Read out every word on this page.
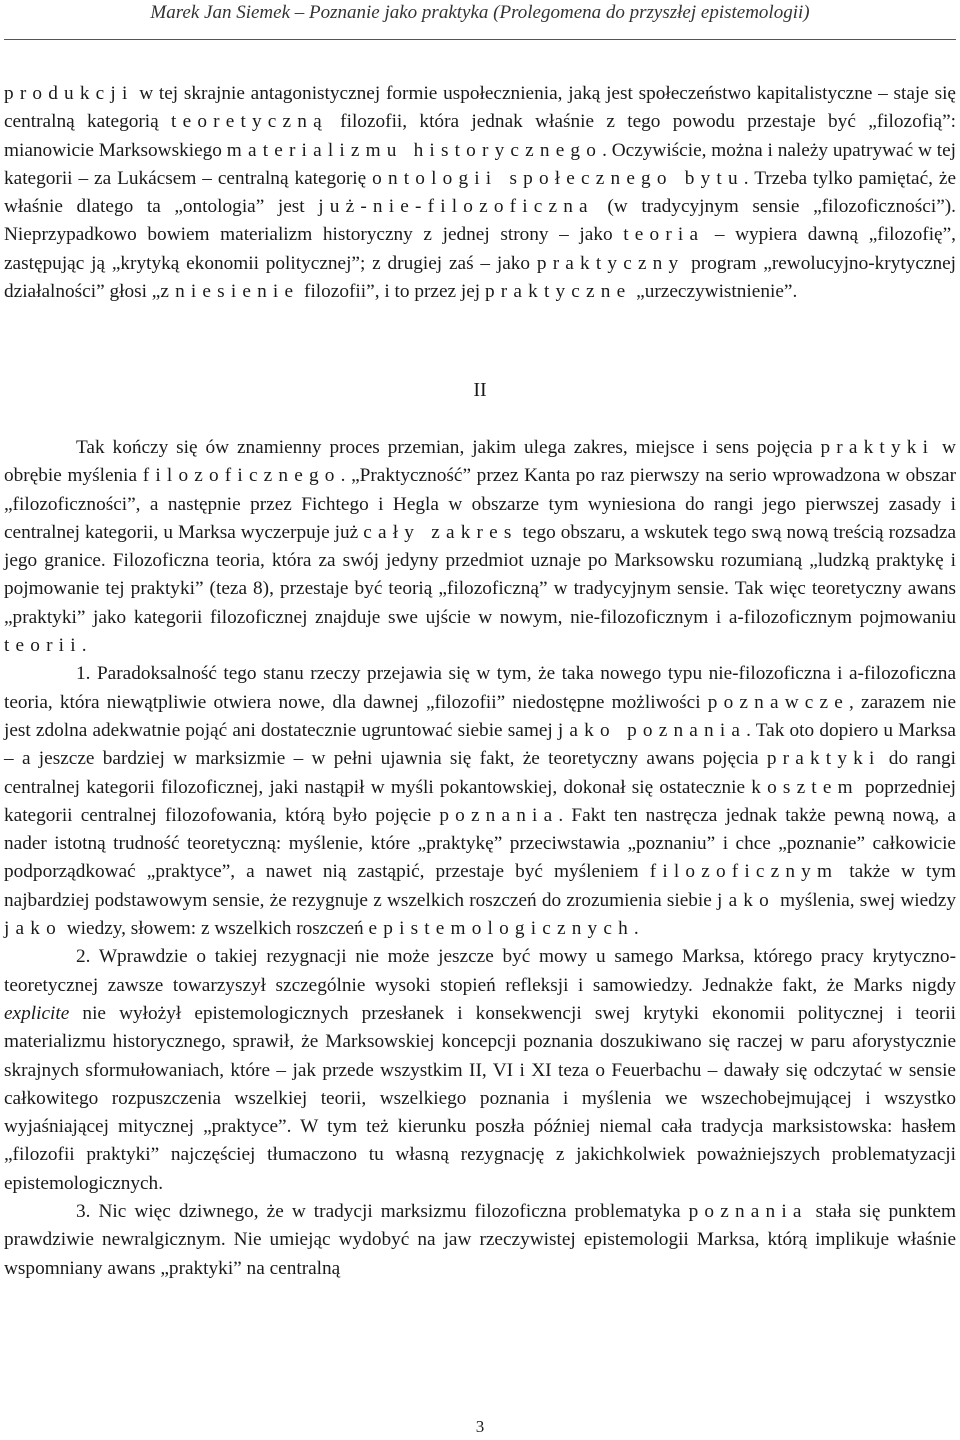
Marek Jan Siemek – Poznanie jako praktyka (Prolegomena do przyszłej epistemologii)

produkcji w tej skrajnie antagonistycznej formie uspołecznienia, jaką jest społeczeństwo kapitalistyczne – staje się centralną kategorią teoretyczną filozofii, która jednak właśnie z tego powodu przestaje być „filozofią”: mianowicie Marksowskiego materializmu historycznego. Oczywiście, można i należy upatrywać w tej kategorii – za Lukácsem – centralną kategorię ontologii społecznego bytu. Trzeba tylko pamiętać, że właśnie dlatego ta „ontologia” jest już-nie-filozoficzna (w tradycyjnym sensie „filozoficzności”). Nieprzypadkowo bowiem materializm historyczny z jednej strony – jako teoria – wypiera dawną „filozofię”, zastępując ją „krytyką ekonomii politycznej”; z drugiej zaś – jako praktyczny program „rewolucyjno-krytycznej działalności” głosi „zniesienie filozofii”, i to przez jej praktyczne „urzeczywistnienie”.

II

Tak kończy się ów znamienny proces przemian, jakim ulega zakres, miejsce i sens pojęcia praktyki w obrębie myślenia filozoficznego. „Praktyczność” przez Kanta po raz pierwszy na serio wprowadzona w obszar „filozoficzności”, a następnie przez Fichtego i Hegla w obszarze tym wyniesiona do rangi jego pierwszej zasady i centralnej kategorii, u Marksa wyczerpuje już cały zakres tego obszaru, a wskutek tego swą nową treścią rozsadza jego granice. Filozoficzna teoria, która za swój jedyny przedmiot uznaje po Marksowsku rozumianą „ludzką praktykę i pojmowanie tej praktyki” (teza 8), przestaje być teorią „filozoficzną” w tradycyjnym sensie. Tak więc teoretyczny awans „praktyki” jako kategorii filozoficznej znajduje swe ujście w nowym, nie-filozoficznym i a-filozoficznym pojmowaniu teorii.

1. Paradoksalność tego stanu rzeczy przejawia się w tym, że taka nowego typu nie-filozoficzna i a-filozoficzna teoria, która niewątpliwie otwiera nowe, dla dawnej „filozofii” niedostępne możliwości poznawcze, zarazem nie jest zdolna adekwatnie pojąć ani dostatecznie ugruntować siebie samej jako poznania. Tak oto dopiero u Marksa – a jeszcze bardziej w marksizmie – w pełni ujawnia się fakt, że teoretyczny awans pojęcia praktyki do rangi centralnej kategorii filozoficznej, jaki nastąpił w myśli pokantowskiej, dokonał się ostatecznie kosztem poprzedniej kategorii centralnej filozofowania, którą było pojęcie poznania. Fakt ten nastręcza jednak także pewną nową, a nader istotną trudność teoretyczną: myślenie, które „praktykę” przeciwstawia „poznaniu” i chce „poznanie” całkowicie podporządkować „praktyce”, a nawet nią zastąpić, przestaje być myśleniem filozoficznym także w tym najbardziej podstawowym sensie, że rezygnuje z wszelkich roszczeń do zrozumienia siebie jako myślenia, swej wiedzy jako wiedzy, słowem: z wszelkich roszczeń epistemologicznych.

2. Wprawdzie o takiej rezygnacji nie może jeszcze być mowy u samego Marksa, którego pracy krytyczno-teoretycznej zawsze towarzyszył szczególnie wysoki stopień refleksji i samowiedzy. Jednakże fakt, że Marks nigdy explicite nie wyłożył epistemologicznych przesłanek i konsekwencji swej krytyki ekonomii politycznej i teorii materializmu historycznego, sprawił, że Marksowskiej koncepcji poznania doszukiwano się raczej w paru aforystycznie skrajnych sformułowaniach, które – jak przede wszystkim II, VI i XI teza o Feuerbachu – dawały się odczytać w sensie całkowitego rozpuszczenia wszelkiej teorii, wszelkiego poznania i myślenia we wszechobejmującej i wszystko wyjaśniającej mitycznej „praktyce”. W tym też kierunku poszła później niemal cała tradycja marksistowska: hasłem „filozofii praktyki” najczęściej tłumaczono tu własną rezygnację z jakichkolwiek poważniejszych problematyzacji epistemologicznych.

3. Nic więc dziwnego, że w tradycji marksizmu filozoficzna problematyka poznania stała się punktem prawdziwie newralgicznym. Nie umiejąc wydobyć na jaw rzeczywistej epistemologii Marksa, którą implikuje właśnie wspomniany awans „praktyki” na centralną

3
